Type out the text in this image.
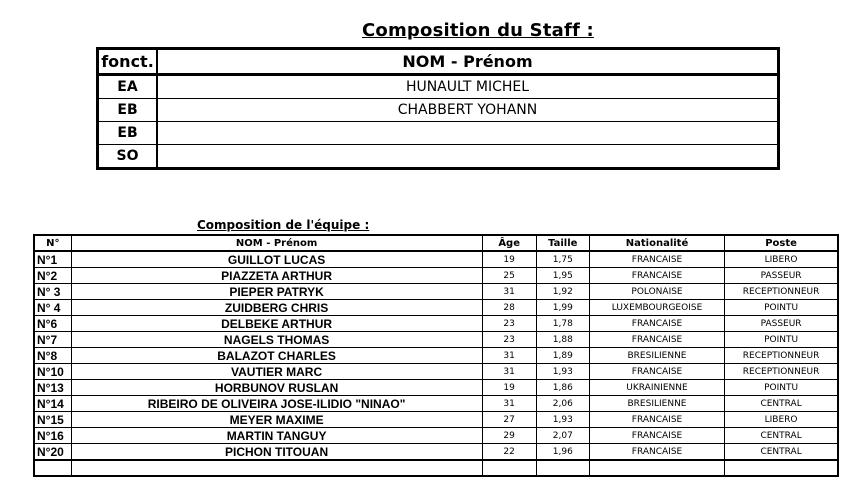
Composition du Staff :
fonct.	NOM - Prénom
EA	HUNAULT MICHEL
EB	CHABBERT YOHANN
EB	
SO	
Composition de l'équipe :
N°	NOM - Prénom	Âge	Taille	Nationalité	Poste
N°1	GUILLOT LUCAS	19	1,75	FRANCAISE	LIBERO
N°2	PIAZZETA ARTHUR	25	1,95	FRANCAISE	PASSEUR
N° 3	PIEPER PATRYK	31	1,92	POLONAISE	RECEPTIONNEUR
N° 4	ZUIDBERG CHRIS	28	1,99	LUXEMBOURGEOISE	POINTU
N°6	DELBEKE ARTHUR	23	1,78	FRANCAISE	PASSEUR
N°7	NAGELS THOMAS	23	1,88	FRANCAISE	POINTU
N°8	BALAZOT CHARLES	31	1,89	BRESILIENNE	RECEPTIONNEUR
N°10	VAUTIER MARC	31	1,93	FRANCAISE	RECEPTIONNEUR
N°13	HORBUNOV RUSLAN	19	1,86	UKRAINIENNE	POINTU
N°14	RIBEIRO DE OLIVEIRA JOSE-ILIDIO "NINAO"	31	2,06	BRESILIENNE	CENTRAL
N°15	MEYER MAXIME	27	1,93	FRANCAISE	LIBERO
N°16	MARTIN TANGUY	29	2,07	FRANCAISE	CENTRAL
N°20	PICHON TITOUAN	22	1,96	FRANCAISE	CENTRAL
